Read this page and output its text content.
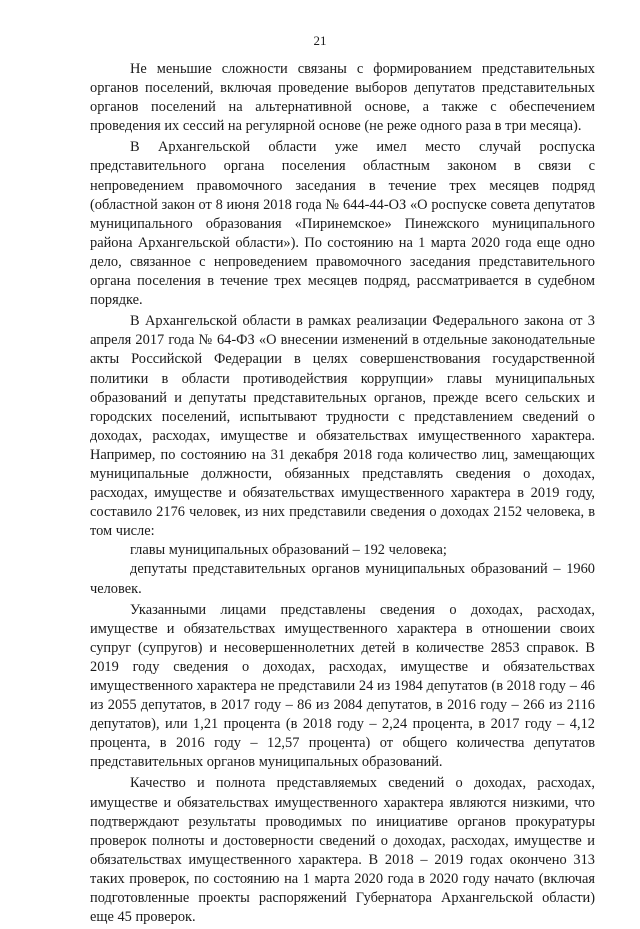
21

Не меньшие сложности связаны с формированием представительных органов поселений, включая проведение выборов депутатов представительных органов поселений на альтернативной основе, а также с обеспечением проведения их сессий на регулярной основе (не реже одного раза в три месяца).

В Архангельской области уже имел место случай роспуска представительного органа поселения областным законом в связи с непроведением правомочного заседания в течение трех месяцев подряд (областной закон от 8 июня 2018 года № 644-44-ОЗ «О роспуске совета депутатов муниципального образования «Пиринемское» Пинежского муниципального района Архангельской области»). По состоянию на 1 марта 2020 года еще одно дело, связанное с непроведением правомочного заседания представительного органа поселения в течение трех месяцев подряд, рассматривается в судебном порядке.

В Архангельской области в рамках реализации Федерального закона от 3 апреля 2017 года № 64-ФЗ «О внесении изменений в отдельные законодательные акты Российской Федерации в целях совершенствования государственной политики в области противодействия коррупции» главы муниципальных образований и депутаты представительных органов, прежде всего сельских и городских поселений, испытывают трудности с представлением сведений о доходах, расходах, имуществе и обязательствах имущественного характера. Например, по состоянию на 31 декабря 2018 года количество лиц, замещающих муниципальные должности, обязанных представлять сведения о доходах, расходах, имуществе и обязательствах имущественного характера в 2019 году, составило 2176 человек, из них представили сведения о доходах 2152 человека, в том числе:

главы муниципальных образований – 192 человека;

депутаты представительных органов муниципальных образований – 1960 человек.

Указанными лицами представлены сведения о доходах, расходах, имуществе и обязательствах имущественного характера в отношении своих супруг (супругов) и несовершеннолетних детей в количестве 2853 справок. В 2019 году сведения о доходах, расходах, имуществе и обязательствах имущественного характера не представили 24 из 1984 депутатов (в 2018 году – 46 из 2055 депутатов, в 2017 году – 86 из 2084 депутатов, в 2016 году – 266 из 2116 депутатов), или 1,21 процента (в 2018 году – 2,24 процента, в 2017 году – 4,12 процента, в 2016 году – 12,57 процента) от общего количества депутатов представительных органов муниципальных образований.

Качество и полнота представляемых сведений о доходах, расходах, имуществе и обязательствах имущественного характера являются низкими, что подтверждают результаты проводимых по инициативе органов прокуратуры проверок полноты и достоверности сведений о доходах, расходах, имуществе и обязательствах имущественного характера. В 2018 – 2019 годах окончено 313 таких проверок, по состоянию на 1 марта 2020 года в 2020 году начато (включая подготовленные проекты распоряжений Губернатора Архангельской области) еще 45 проверок.
